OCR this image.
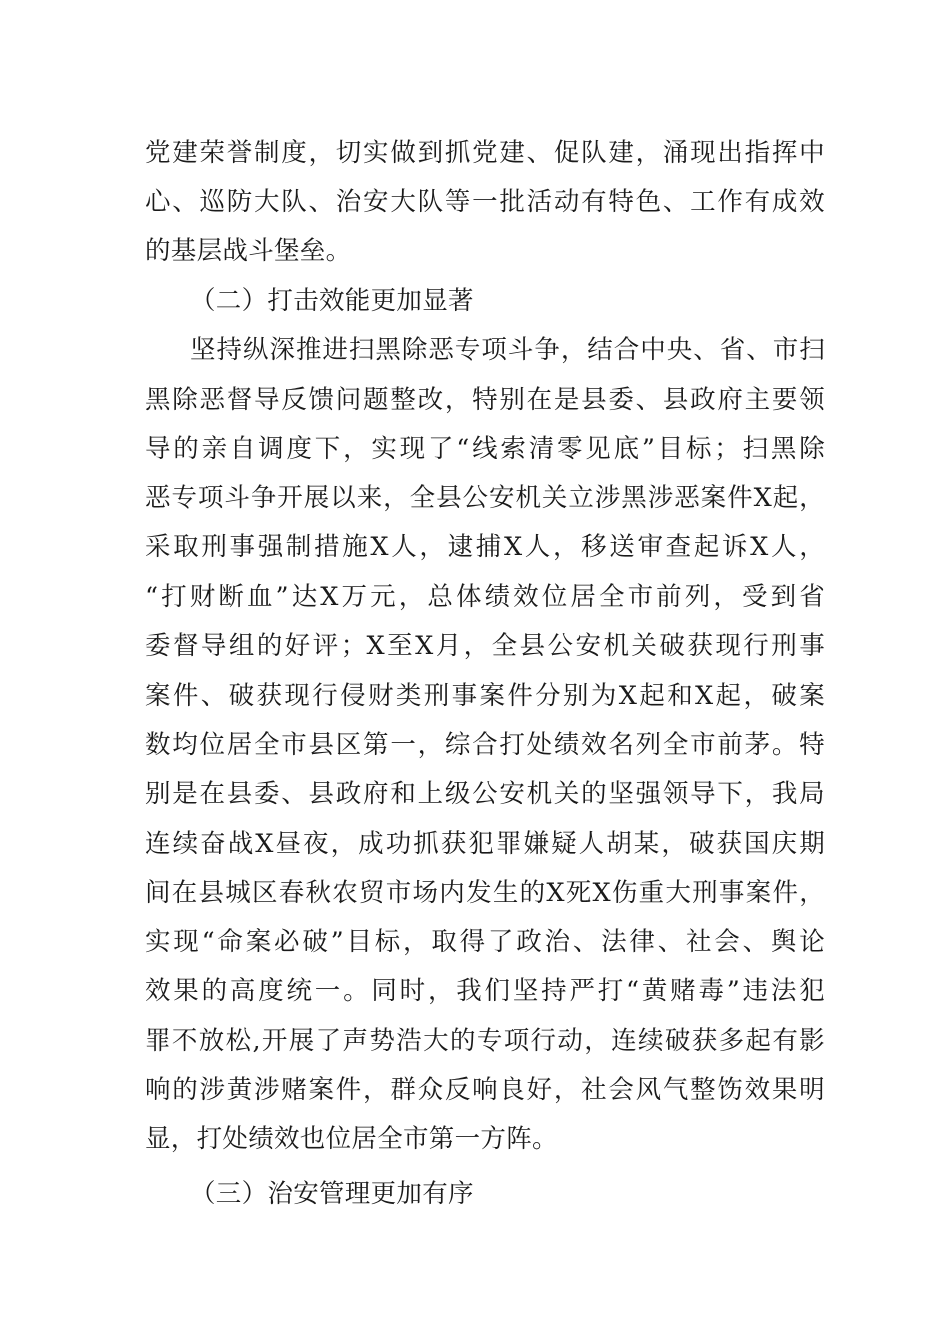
党建荣誉制度，切实做到抓党建、促队建，涌现出指挥中
心、巡防大队、治安大队等一批活动有特色、工作有成效
的基层战斗堡垒。
（二）打击效能更加显著
坚持纵深推进扫黑除恶专项斗争，结合中央、省、市扫
黑除恶督导反馈问题整改，特别在是县委、县政府主要领
导的亲自调度下，实现了“线索清零见底”目标；扫黑除
恶专项斗争开展以来，全县公安机关立涉黑涉恶案件X起，
采取刑事强制措施X人，逮捕X人，移送审查起诉X人，
“打财断血”达X万元，总体绩效位居全市前列，受到省
委督导组的好评；X至X月，全县公安机关破获现行刑事
案件、破获现行侵财类刑事案件分别为X起和X起，破案
数均位居全市县区第一，综合打处绩效名列全市前茅。特
别是在县委、县政府和上级公安机关的坚强领导下，我局
连续奋战X昼夜，成功抓获犯罪嫌疑人胡某，破获国庆期
间在县城区春秋农贸市场内发生的X死X伤重大刑事案件，
实现“命案必破”目标，取得了政治、法律、社会、舆论
效果的高度统一。同时，我们坚持严打“黄赌毒”违法犯
罪不放松,开展了声势浩大的专项行动，连续破获多起有影
响的涉黄涉赌案件，群众反响良好，社会风气整饬效果明
显，打处绩效也位居全市第一方阵。
（三）治安管理更加有序
